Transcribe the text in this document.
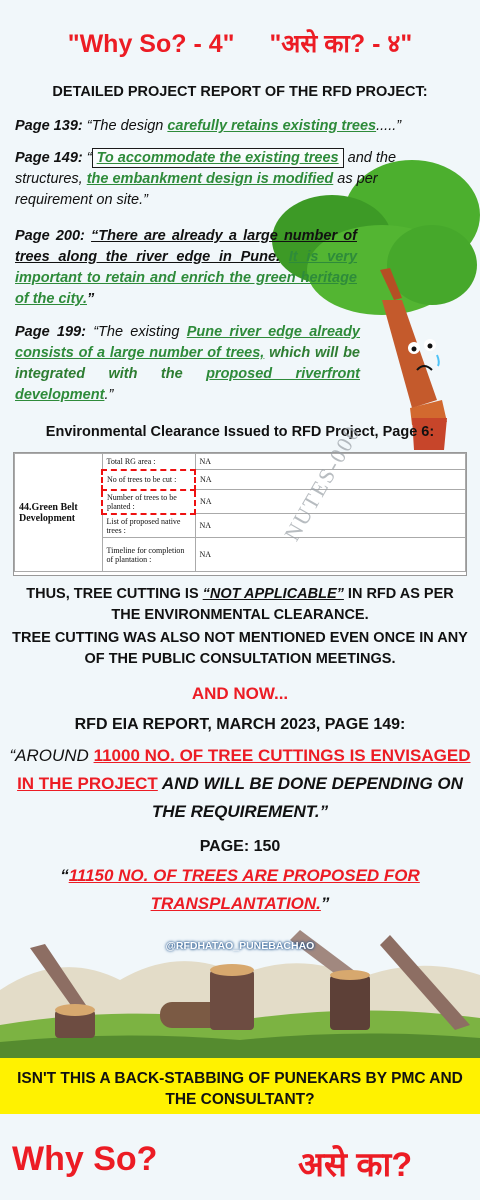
"Why So? - 4" "असे का? - ४"
DETAILED PROJECT REPORT OF THE RFD PROJECT:
Page 139: “The design carefully retains existing trees.....”
Page 149: “ To accommodate the existing trees and the structures, the embankment design is modified as per requirement on site.”
Page 200: “There are already a large number of trees along the river edge in Pune. It is very important to retain and enrich the green heritage of the city.”
Page 199: “The existing Pune river edge already consists of a large number of trees, which will be integrated with the proposed riverfront development.”
Environmental Clearance Issued to RFD Project, Page 6:
44.Green Belt Development	Total RG area :	NA
	No of trees to be cut :	NA
	Number of trees to be planted :	NA
	List of proposed native trees :	NA
	Timeline for completion of plantation :	NA
NUTES-000
THUS, TREE CUTTING IS “NOT APPLICABLE” IN RFD AS PER THE ENVIRONMENTAL CLEARANCE.
TREE CUTTING WAS ALSO NOT MENTIONED EVEN ONCE IN ANY OF THE PUBLIC CONSULTATION MEETINGS.
AND NOW...
RFD EIA REPORT, MARCH 2023, PAGE 149:
“AROUND 11000 NO. OF TREE CUTTINGS IS ENVISAGED IN THE PROJECT AND WILL BE DONE DEPENDING ON THE REQUIREMENT.”
PAGE: 150
“11150 NO. OF TREES ARE PROPOSED FOR TRANSPLANTATION.”
@RFDHATAO_PUNEBACHAO
ISN'T THIS A BACK-STABBING OF PUNEKARS BY PMC AND THE CONSULTANT?
Why So?	असे का?
